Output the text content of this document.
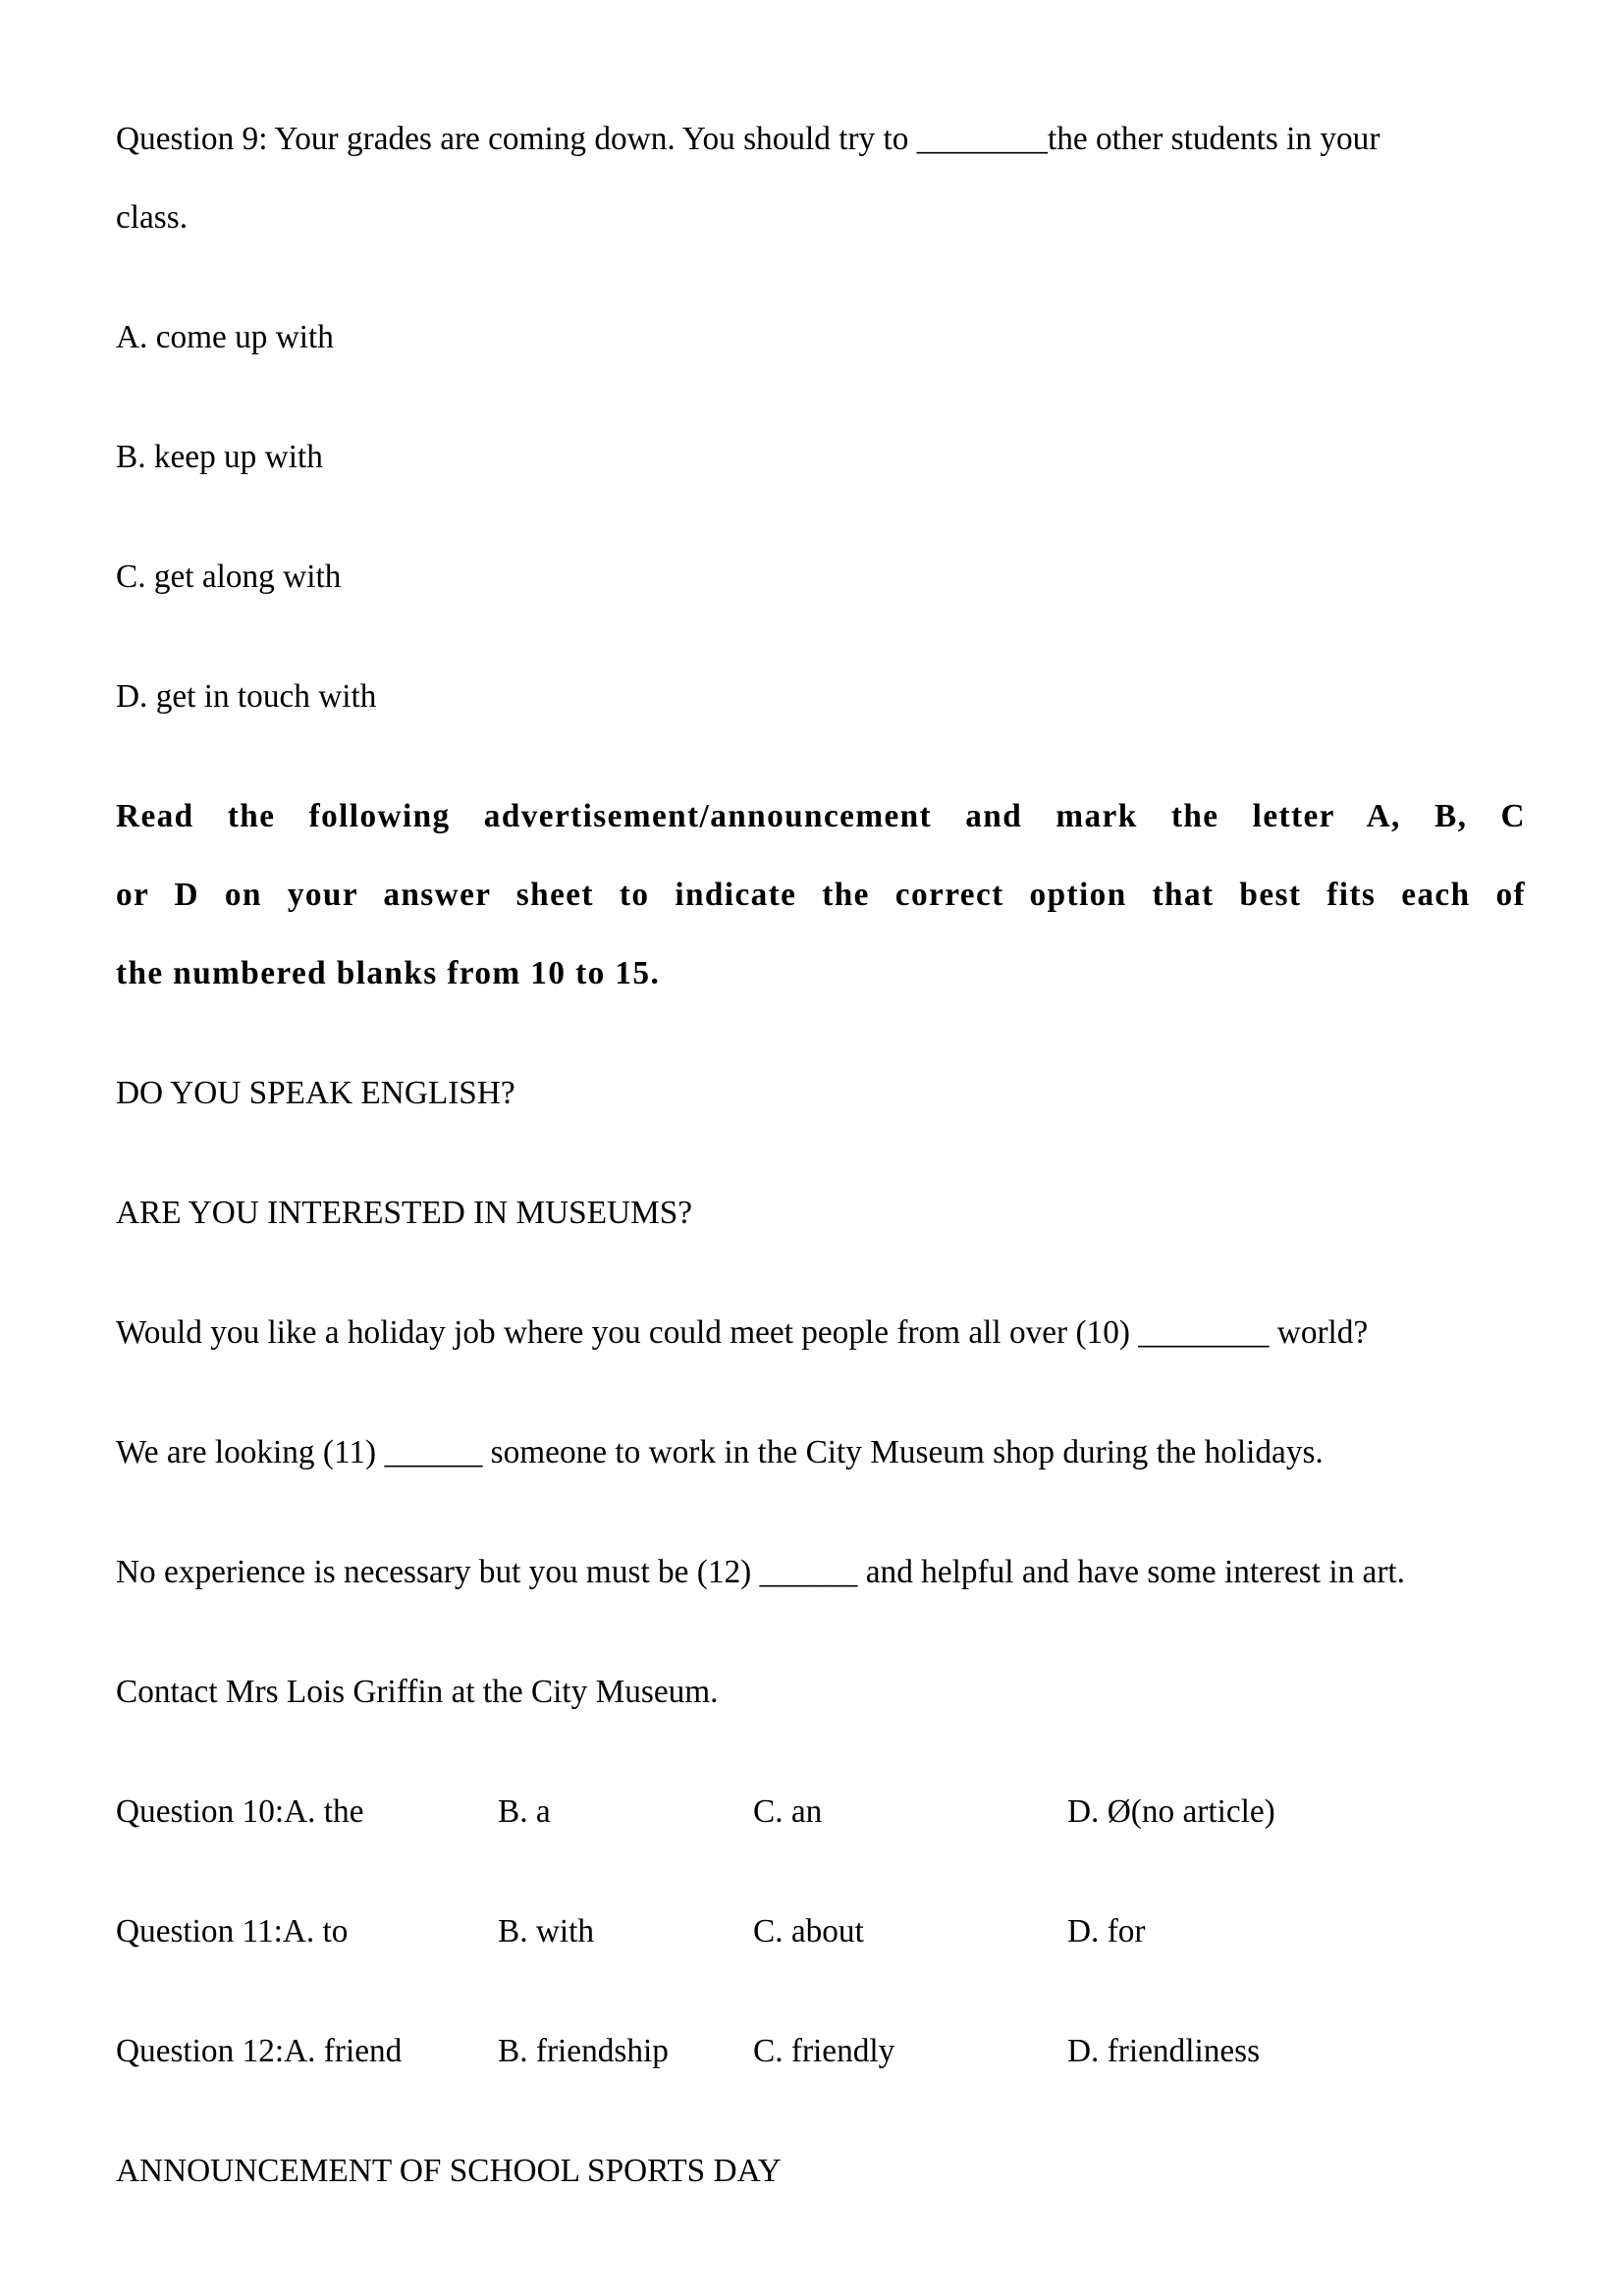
Question 9: Your grades are coming down. You should try to ________the other students in your
class.
A. come up with
B. keep up with
C. get along with
D. get in touch with
Read the following advertisement/announcement and mark the letter A, B, C
or D on your answer sheet to indicate the correct option that best fits each of
the numbered blanks from 10 to 15.
DO YOU SPEAK ENGLISH?
ARE YOU INTERESTED IN MUSEUMS?
Would you like a holiday job where you could meet people from all over (10) ________ world?
We are looking (11) ______ someone to work in the City Museum shop during the holidays.
No experience is necessary but you must be (12) ______ and helpful and have some interest in art.
Contact Mrs Lois Griffin at the City Museum.
Question 10:A. the	B. a	C. an	D. Ø(no article)
Question 11:A. to	B. with	C. about	D. for
Question 12:A. friend	B. friendship	C. friendly	D. friendliness
ANNOUNCEMENT OF SCHOOL SPORTS DAY
